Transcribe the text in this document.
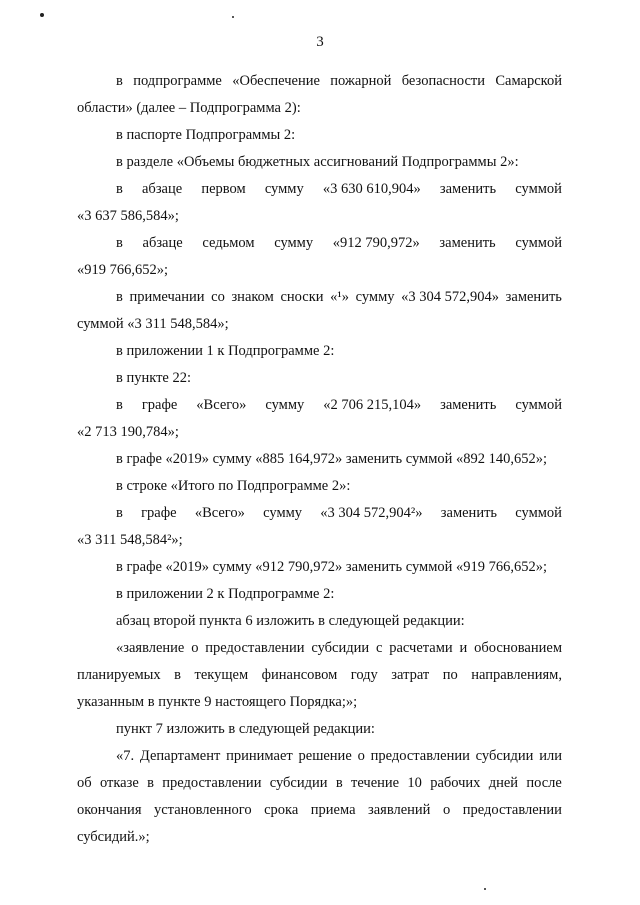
3
в подпрограмме «Обеспечение пожарной безопасности Самарской
области» (далее – Подпрограмма 2):
в паспорте Подпрограммы 2:
в разделе «Объемы бюджетных ассигнований Подпрограммы 2»:
в абзаце первом сумму «3 630 610,904» заменить суммой
«3 637 586,584»;
в абзаце седьмом сумму «912 790,972» заменить суммой
«919 766,652»;
в примечании со знаком сноски «¹» сумму «3 304 572,904» заменить
суммой «3 311 548,584»;
в приложении 1 к Подпрограмме 2:
в пункте 22:
в графе «Всего» сумму «2 706 215,104» заменить суммой
«2 713 190,784»;
в графе «2019» сумму «885 164,972» заменить суммой «892 140,652»;
в строке «Итого по Подпрограмме 2»:
в графе «Всего» сумму «3 304 572,904²» заменить суммой
«3 311 548,584²»;
в графе «2019» сумму «912 790,972» заменить суммой «919 766,652»;
в приложении 2 к Подпрограмме 2:
абзац второй пункта 6 изложить в следующей редакции:
«заявление о предоставлении субсидии с расчетами и обоснованием
планируемых в текущем финансовом году затрат по направлениям,
указанным в пункте 9 настоящего Порядка;»;
пункт 7 изложить в следующей редакции:
«7. Департамент принимает решение о предоставлении субсидии или
об отказе в предоставлении субсидии в течение 10 рабочих дней после
окончания установленного срока приема заявлений о предоставлении
субсидий.»;
